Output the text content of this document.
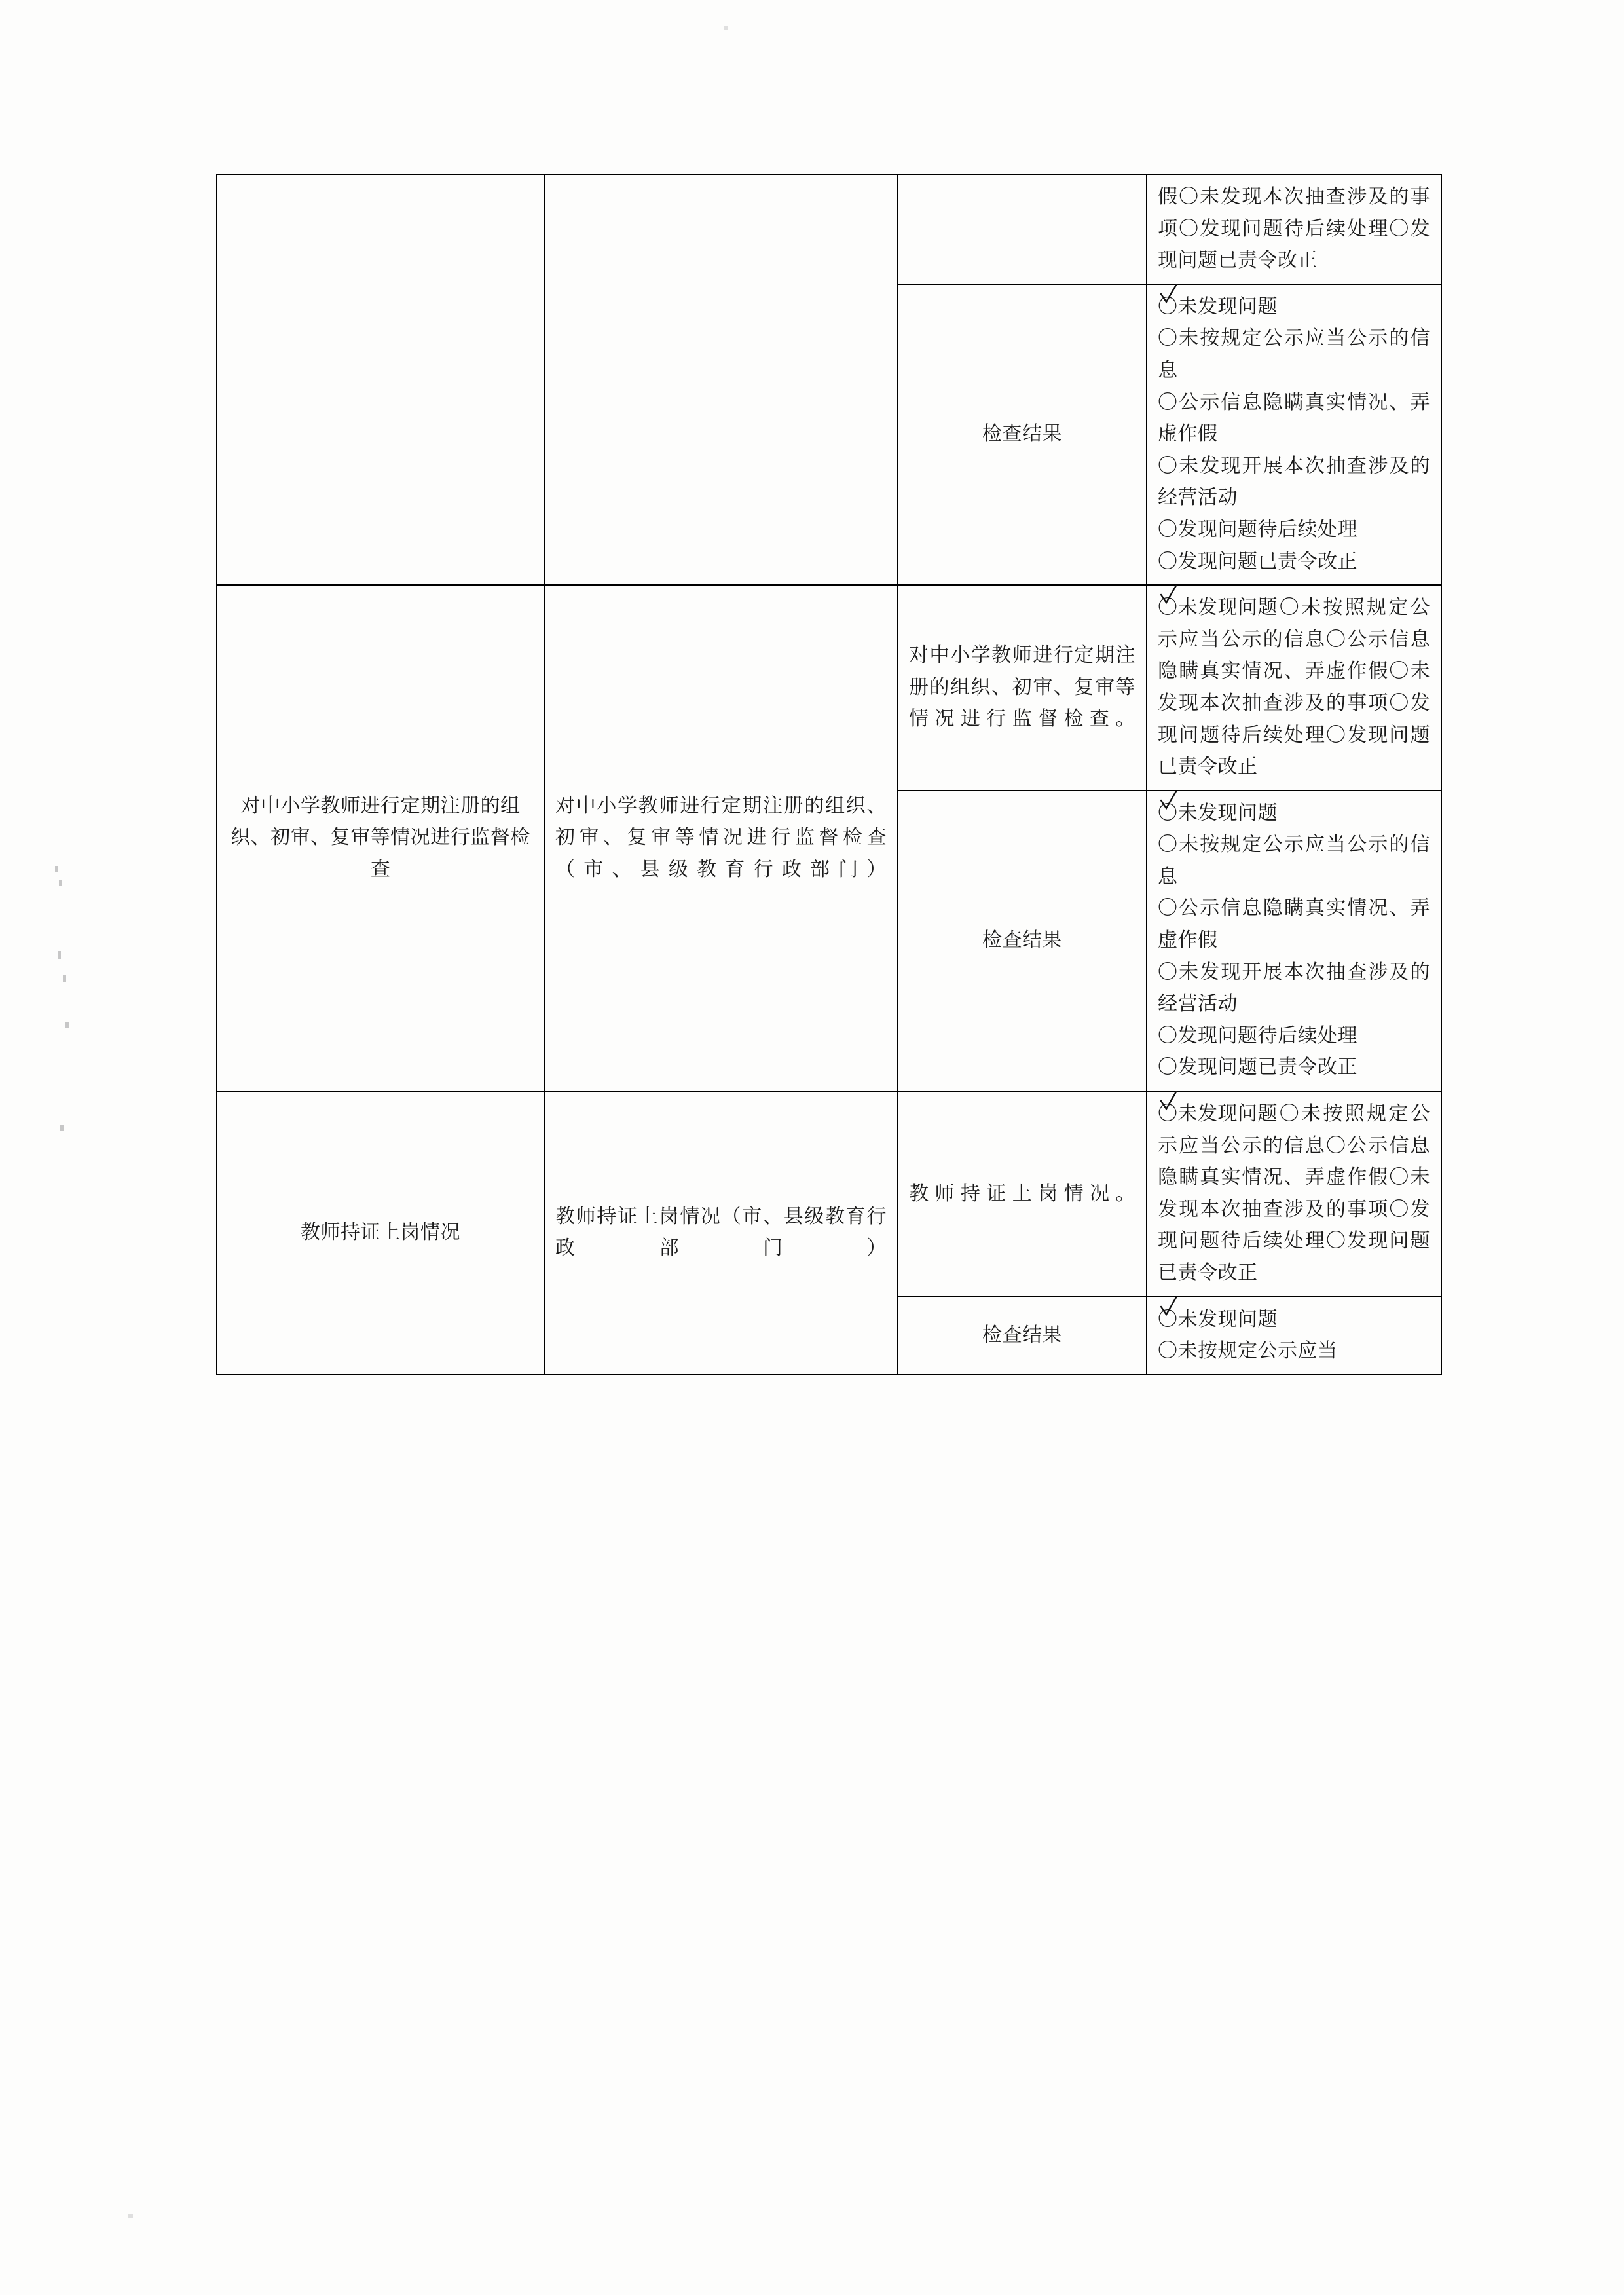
			假〇未发现本次抽查涉及的事项〇发现问题待后续处理〇发现问题已责令改正
检查结果	〇未发现问题
〇未按规定公示应当公示的信息
〇公示信息隐瞒真实情况、弄虚作假
〇未发现开展本次抽查涉及的经营活动
〇发现问题待后续处理
〇发现问题已责令改正

对中小学教师进行定期注册的组织、初审、复审等情况进行监督检查	对中小学教师进行定期注册的组织、初审、复审等情况进行监督检查（市、县级教育行政部门）	对中小学教师进行定期注册的组织、初审、复审等情况进行监督检查。	〇未发现问题
〇未按照规定公示应当公示的信息〇公示信息隐瞒真实情况、弄虚作假〇未发现本次抽查涉及的事项〇发现问题待后续处理〇发现问题已责令改正
检查结果	〇未发现问题
〇未按规定公示应当公示的信息
〇公示信息隐瞒真实情况、弄虚作假
〇未发现开展本次抽查涉及的经营活动
〇发现问题待后续处理
〇发现问题已责令改正

教师持证上岗情况	教师持证上岗情况（市、县级教育行政部门）	教师持证上岗情况。	〇未发现问题
〇未按照规定公示应当公示的信息〇公示信息隐瞒真实情况、弄虚作假〇未发现本次抽查涉及的事项〇发现问题待后续处理〇发现问题已责令改正
		检查结果	〇未发现问题
〇未按规定公示应当
